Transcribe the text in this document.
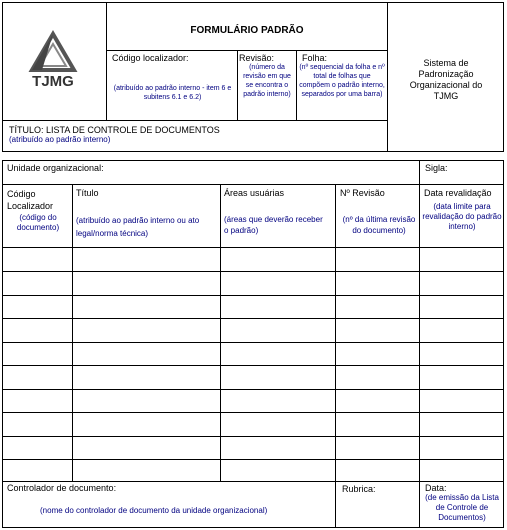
TJMG
FORMULÁRIO PADRÃO
Código localizador:
(atribuído ao padrão interno - item 6 e subitens 6.1 e 6.2)
Revisão:
(número da revisão em que se encontra o padrão interno)
Folha:
(nº sequencial da folha e nº total de folhas que compõem o padrão interno, separados por uma barra)
Sistema de Padronização Organizacional do TJMG
TÍTULO: LISTA DE CONTROLE DE DOCUMENTOS
(atribuído ao padrão interno)
Unidade organizacional:	Sigla:
Código Localizador
(código do documento)
Título
(atribuído ao padrão interno ou ato legal/norma técnica)
Áreas usuárias
(áreas que deverão receber o padrão)
Nº Revisão
(nº da última revisão do documento)
Data revalidação
(data limite para revalidação do padrão interno)
Controlador de documento:
(nome do controlador de documento da unidade organizacional)
Rubrica:	Data:
(de emissão da Lista de Controle de Documentos)
